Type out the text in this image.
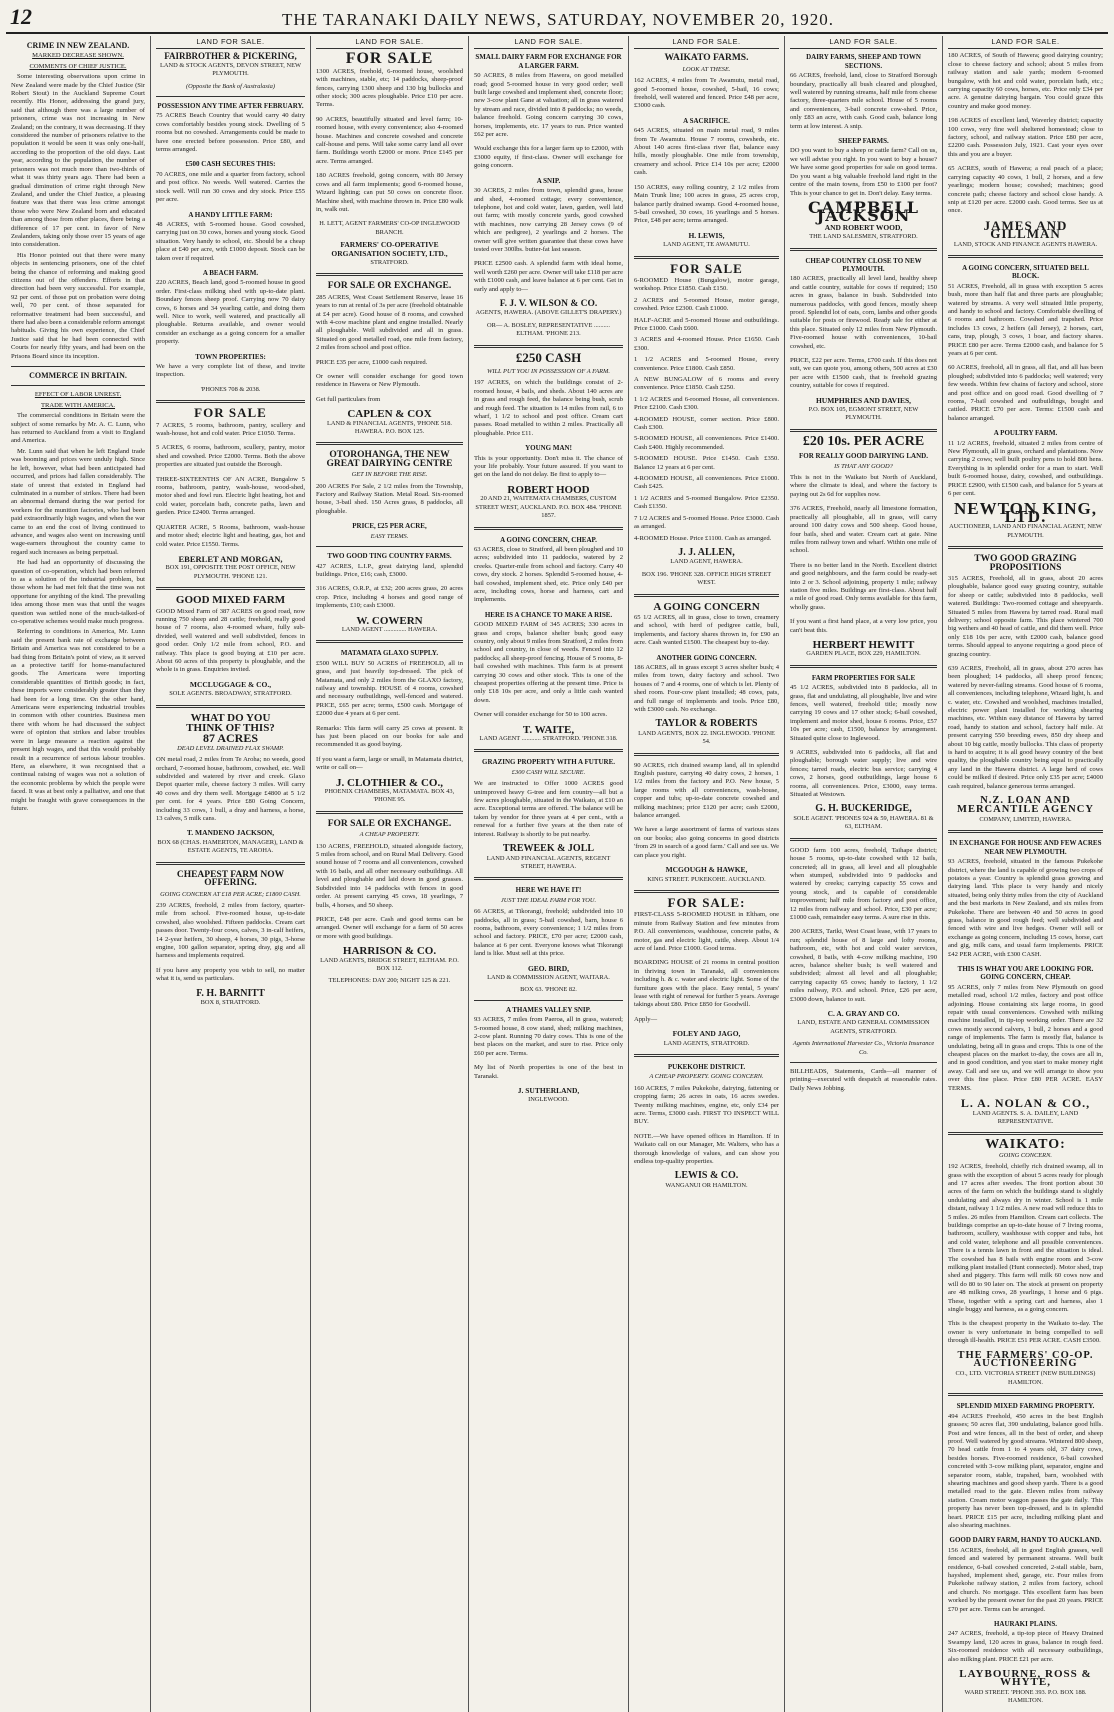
12	THE TARANAKI DAILY NEWS, SATURDAY, NOVEMBER 20, 1920.
CRIME IN NEW ZEALAND.
MARKED DECREASE SHOWN.
COMMENTS OF CHIEF JUSTICE.

Some interesting observations upon crime in New Zealand were made by the Chief Justice (Sir Robert Stout) in the Auckland Supreme Court recently. His Honor, addressing the grand jury, said that although there was a large number of prisoners, crime was not increasing in New Zealand; on the contrary, it was decreasing. If they considered the number of prisoners relative to the population it would be seen it was only one-half, according to the proportion of the old days. Last year, according to the population, the number of prisoners was not much more than two-thirds of what it was thirty years ago. There had been a gradual diminution of crime right through New Zealand, and under the Chief Justice, a pleasing feature was that there was less crime amongst those who were New Zealand born and educated than among those from other places, there being a difference of 17 per cent. in favor of New Zealanders, taking only those over 15 years of age into consideration.

His Honor pointed out that there were many objects in sentencing prisoners, one of the chief being the chance of reforming and making good citizens out of the offenders. Efforts in that direction had been very successful. For example, 92 per cent. of those put on probation were doing well, 70 per cent. of those separated for reformative treatment had been successful, and there had also been a considerable reform amongst habituals. Giving his own experience, the Chief Justice said that he had been connected with Courts for nearly fifty years, and had been on the Prisons Board since its inception.

COMMERCE IN BRITAIN.
EFFECT OF LABOR UNREST.
TRADE WITH AMERICA.

The commercial conditions in Britain were the subject of some remarks by Mr. A. C. Lunn, who has returned to Auckland from a visit to England and America.

Mr. Lunn said that when he left England trade was booming and prices were unduly high. Since he left, however, what had been anticipated had occurred, and prices had fallen considerably. The state of unrest that existed in England had culminated in a number of strikes. There had been an abnormal demand during the war period for workers for the munition factories, who had been paid extraordinarily high wages, and when the war came to an end the cost of living continued to advance, and wages also went on increasing until wage-earners throughout the country came to regard such increases as being perpetual.

He had had an opportunity of discussing the question of co-operation, which had been referred to as a solution of the industrial problem, but those whom he had met felt that the time was not opportune for anything of the kind. The prevailing idea among those men was that until the wages question was settled none of the much-talked-of co-operative schemes would make much progress.

Referring to conditions in America, Mr. Lunn said the present bank rate of exchange between Britain and America was not considered to be a bad thing from Britain's point of view, as it served as a protective tariff for home-manufactured goods. The Americans were importing considerable quantities of British goods; in fact, these imports were considerably greater than they had been for a long time. On the other hand, Americans were experiencing industrial troubles in common with other countries. Business men there with whom he had discussed the subject were of opinion that strikes and labor troubles were in large measure a reaction against the present high wages, and that this would probably result in a recurrence of serious labour troubles. Here, as elsewhere, it was recognised that a continual raising of wages was not a solution of the economic problems by which the people were faced. It was at best only a palliative, and one that might be fraught with grave consequences in the future.

LAND FOR SALE.
FAIRBROTHER & PICKERING,
LAND & STOCK AGENTS, DEVON STREET, NEW PLYMOUTH.
(Opposite the Bank of Australasia)
POSSESSION ANY TIME AFTER FEBRUARY.
75 ACRES Beach Country that would carry 40 dairy cows comfortably besides young stock. Dwelling of 5 rooms but no cowshed. Arrangements could be made to have one erected before possession. Price £80, and terms arranged.
£500 CASH SECURES THIS:
70 ACRES, one mile and a quarter from factory, school and post office. No weeds. Well watered. Carries the stock well. Will run 30 cows and dry stock. Price £55 per acre.
A HANDY LITTLE FARM:
48 ACRES, with 5-roomed house. Good cowshed, carrying just on 30 cows, horses and young stock. Good situation. Very handy to school, etc. Should be a cheap place at £40 per acre, with £1000 deposit. Stock can be taken over if required.
A BEACH FARM.
220 ACRES, Beach land, good 5-roomed house in good order. First-class milking shed with up-to-date plant. Boundary fences sheep proof. Carrying now 70 dairy cows, 6 horses and 34 yearling cattle, and doing them well. Nice to work, well watered, and practically all ploughable. Returns available, and owner would consider an exchange as a going concern for a smaller property.
TOWN PROPERTIES:
We have a very complete list of these, and invite inspection.
'PHONES 708 & 2038.
FOR SALE
7 ACRES, 5 rooms, bathroom, pantry, scullery and wash-house, hot and cold water. Price £1050. Terms.
5 ACRES, 6 rooms, bathroom, scullery, pantry, motor shed and cowshed. Price £2000. Terms. Both the above properties are situated just outside the Borough.
THREE-SIXTEENTHS OF AN ACRE, Bungalow 5 rooms, bathroom, pantry, wash-house, wood-shed, motor shed and fowl run. Electric light heating, hot and cold water, porcelain bath, concrete paths, lawn and garden. Price £2400. Terms arranged.
QUARTER ACRE, 5 Rooms, bathroom, wash-house and motor shed; electric light and heating, gas, hot and cold water. Price £1550. Terms.
EBERLET AND MORGAN,
BOX 191, OPPOSITE THE POST OFFICE, NEW PLYMOUTH. 'PHONE 121.
GOOD MIXED FARM
GOOD Mixed Farm of 387 ACRES on good road, now running 750 sheep and 28 cattle; freehold, really good house of 7 rooms, also 4-roomed whare, fully sub-divided, well watered and well subdivided, fences in good order. Only 1/2 mile from school, P.O. and railway. This place is good buying at £10 per acre. About 60 acres of this property is ploughable, and the whole is in grass. Enquiries invited.
MCCLUGGAGE & CO.,
SOLE AGENTS. BROADWAY, STRATFORD.
WHAT DO YOU
THINK OF THIS?
87 ACRES
DEAD LEVEL DRAINED FLAX SWAMP.
ON metal road, 2 miles from Te Aroha; no weeds, good orchard, 7-roomed house, bathroom, cowshed, etc. Well subdivided and watered by river and creek. Glaxo Depot quarter mile, cheese factory 3 miles. Will carry 40 cows and dry them well. Mortgage £4800 at 5 1/2 per cent. for 4 years. Price £80 Going Concern, including 33 cows, 1 bull, a dray and harness, a horse, 13 calves, 5 milk cans.
T. MANDENO JACKSON,
BOX 68 (CHAS. HAMERTON, MANAGER), LAND & ESTATE AGENTS, TE AROHA.
CHEAPEST FARM NOW OFFERING.
GOING CONCERN AT £18 PER ACRE; £1800 CASH.
239 ACRES, freehold, 2 miles from factory, quarter-mile from school. Five-roomed house, up-to-date cowshed, also woolshed. Fifteen paddocks. Cream cart passes door. Twenty-four cows, calves, 3 in-calf heifers, 14 2-year heifers, 30 sheep, 4 horses, 30 pigs, 3-horse engine, 100 gallon separator, spring dray, gig and all harness and implements required.
If you have any property you wish to sell, no matter what it is, send us particulars.
F. H. BARNITT
BOX 8, STRATFORD.
LAND FOR SALE.
FOR SALE
1300 ACRES, freehold, 6-roomed house, woolshed with machines, stable, etc; 14 paddocks, sheep-proof fences, carrying 1300 sheep and 130 big bullocks and other stock; 300 acres ploughable. Price £10 per acre. Terms.
90 ACRES, beautifully situated and level farm; 10-roomed house, with every convenience; also 4-roomed house. Machines and concrete cowshed and concrete calf-house and pens. Will take some carry land all over farm. Buildings worth £2000 or more. Price £145 per acre. Terms arranged.
180 ACRES freehold, going concern, with 80 Jersey cows and all farm implements; good 6-roomed house, Wizard lighting; can put 50 cows on concrete floor. Machine shed, with machine thrown in. Price £80 walk in, walk out.
H. LETT, AGENT FARMERS' CO-OP INGLEWOOD BRANCH.
FARMERS' CO-OPERATIVE ORGANISATION SOCIETY, LTD.,
STRATFORD.
FOR SALE OR EXCHANGE.
285 ACRES, West Coast Settlement Reserve, lease 16 years to run at rental of 3s per acre (freehold obtainable at £4 per acre). Good house of 8 rooms, and cowshed with 4-cow machine plant and engine installed. Nearly all ploughable. Well subdivided and all in grass. Situated on good metalled road, one mile from factory, 2 miles from school and post office.
PRICE £35 per acre, £1000 cash required.
Or owner will consider exchange for good town residence in Hawera or New Plymouth.
Get full particulars from
CAPLEN & COX
LAND & FINANCIAL AGENTS, 'PHONE 518. HAWERA. P.O. BOX 125.
OTOROHANGA, THE NEW GREAT DAIRYING CENTRE
GET IN BEFORE THE RISE.
200 ACRES For Sale, 2 1/2 miles from the Township, Factory and Railway Station. Metal Road. Six-roomed house, 3-bail shed. 150 Acres grass, 8 paddocks, all ploughable.
PRICE, £25 PER ACRE,
EASY TERMS.
TWO GOOD TING COUNTRY FARMS.
427 ACRES, L.I.P., great dairying land, splendid buildings. Price, £16; cash, £3000.
316 ACRES, O.R.P., at £32; 200 acres grass, 20 acres crop. Price, including 4 horses and good range of implements, £10; cash £3000.
W. COWERN
LAND AGENT .............. HAWERA.
MATAMATA GLAXO SUPPLY.
£500 WILL BUY 50 ACRES of FREEHOLD, all in grass, and just heavily top-dressed. The pick of Matamata, and only 2 miles from the GLAXO factory, railway and township. HOUSE of 4 rooms, cowshed and necessary outbuildings, well-fenced and watered. PRICE, £65 per acre; terms, £500 cash. Mortgage of £2000 due 4 years at 6 per cent.
Remarks: This farm will carry 25 cows at present. It has just been placed on our books for sale and recommended it as good buying.
If you want a farm, large or small, in Matamata district, write or call on—
J. CLOTHIER & CO.,
PHOENIX CHAMBERS, MATAMATA. BOX 43, 'PHONE 95.
FOR SALE OR EXCHANGE.
A CHEAP PROPERTY.
130 ACRES, FREEHOLD, situated alongside factory, 5 miles from school, and on Rural Mail Delivery. Good sound house of 7 rooms and all conveniences, cowshed with 16 bails, and all other necessary outbuildings. All level and ploughable and laid down in good grasses. Subdivided into 14 paddocks with fences in good order. At present carrying 45 cows, 18 yearlings, 7 bulls, 4 horses, and 50 sheep.
PRICE, £48 per acre. Cash and good terms can be arranged. Owner will exchange for a farm of 50 acres or more with good buildings.
HARRISON & CO.
LAND AGENTS, BRIDGE STREET, ELTHAM. P.O. BOX 112.
TELEPHONES: DAY 200; NIGHT 125 & 221.
LAND FOR SALE.
SMALL DAIRY FARM FOR EXCHANGE FOR A LARGER FARM.
50 ACRES, 8 miles from Hawera, on good metalled road; good 5-roomed house in very good order; well built large cowshed and implement shed, concrete floor; new 3-cow plant Gane at valuation; all in grass watered by stream and race, divided into 8 paddocks; no weeds, balance freehold. Going concern carrying 30 cows, horses, implements, etc. 17 years to run. Price wanted £62 per acre.
Would exchange this for a larger farm up to £2000, with £3000 equity, if first-class. Owner will exchange for going concern.
A SNIP.
30 ACRES, 2 miles from town, splendid grass, house and shed, 4-roomed cottage; every convenience, telephone, hot and cold water, lawn, garden, well laid out farm; with mostly concrete yards, good cowshed with machines, now carrying 28 Jersey cows (9 of which are pedigree), 2 yearlings and 2 horses. The owner will give written guarantee that these cows have tested over 300lbs. butter-fat last season.
PRICE £2500 cash. A splendid farm with ideal home, well worth £260 per acre. Owner will take £118 per acre with £1000 cash, and leave balance at 6 per cent. Get in early and apply to—
F. J. V. WILSON & CO.
AGENTS, HAWERA. (ABOVE GILLET'S DRAPERY.)
OR— A. BOSLEY, REPRESENTATIVE .......... ELTHAM. 'PHONE 213.
£250 CASH
WILL PUT YOU IN POSSESSION OF A FARM.
197 ACRES, on which the buildings consist of 2-roomed house, 4 bails, and sheds. About 140 acres are in grass and rough feed, the balance being bush, scrub and rough feed. The situation is 14 miles from rail, 6 to wharf, 1 1/2 to school and post office. Cream cart passes. Road metalled to within 2 miles. Practically all ploughable. Price £11.
YOUNG MAN!
This is your opportunity. Don't miss it. The chance of your life probably. Your future assured. If you want to get on the land do not delay. Be first to apply to—
ROBERT HOOD
20 AND 21, WAITEMATA CHAMBERS, CUSTOM STREET WEST, AUCKLAND. P.O. BOX 484. 'PHONE 1857.
A GOING CONCERN, CHEAP.
63 ACRES, close to Stratford, all been ploughed and 10 acres; subdivided into 11 paddocks, watered by 2 creeks. Quarter-mile from school and factory. Carry 40 cows, dry stock. 2 horses. Splendid 5-roomed house, 4-bail cowshed, implement shed, etc. Price only £40 per acre, including cows, horse and harness, cart and implements.
HERE IS A CHANCE TO MAKE A RISE.
GOOD MIXED FARM of 345 ACRES; 330 acres in grass and crops, balance shelter bush; good easy country, only about 9 miles from Stratford, 2 miles from school and country, in close of weeds. Fenced into 12 paddocks; all sheep-proof fencing. House of 5 rooms, 8-bail cowshed with machines. This farm is at present carrying 30 cows and other stock. This is one of the cheapest properties offering at the present time. Price is only £18 10s per acre, and only a little cash wanted down.
Owner will consider exchange for 50 to 100 acres.
T. WAITE,
LAND AGENT ............ STRATFORD. 'PHONE 318.
GRAZING PROPERTY WITH A FUTURE.
£300 CASH WILL SECURE.
We are instructed to Offer 1000 ACRES good unimproved heavy G-tree and fern country—all but a few acres ploughable, situated in the Waikato, at £10 an acre. Exceptional terms are offered. The balance will be taken by vendor for three years at 4 per cent., with a renewal for a further five years at the then rate of interest. Railway is shortly to be put nearby.
TREWEEK & JOLL
LAND AND FINANCIAL AGENTS, REGENT STREET, HAWERA.
HERE WE HAVE IT!
JUST THE IDEAL FARM FOR YOU.
66 ACRES, at Tikorangi, freehold; subdivided into 10 paddocks, all in grass; 5-bail cowshed, barn, house 6 rooms, bathroom, every convenience; 1 1/2 miles from school and factory. PRICE, £70 per acre; £2000 cash, balance at 6 per cent. Everyone knows what Tikorangi land is like. Must sell at this price.
GEO. BIRD,
LAND & COMMISSION AGENT, WAITARA.
BOX 63. 'PHONE 82.
A THAMES VALLEY SNIP.
93 ACRES, 7 miles from Paeroa, all in grass, watered; 5-roomed house, 8 cow stand, shed; milking machines, 2-cow plant. Running 70 dairy cows. This is one of the best places on the market, and sure to rise. Price only £60 per acre. Terms.
My list of North properties is one of the best in Taranaki.
J. SUTHERLAND,
INGLEWOOD.
LAND FOR SALE.
WAIKATO FARMS.
LOOK AT THESE.
162 ACRES, 4 miles from Te Awamutu, metal road, good 5-roomed house, cowshed, 5-bail, 16 cows; freehold, well watered and fenced. Price £48 per acre, £3000 cash.
A SACRIFICE.
645 ACRES, situated on main metal road, 9 miles from Te Awamutu. House 7 rooms, cowsheds, etc. About 140 acres first-class river flat, balance easy hills, mostly ploughable. One mile from township, creamery and school. Price £14 10s per acre; £2000 cash.
150 ACRES, easy rolling country, 2 1/2 miles from Main Trunk line; 100 acres in grass, 25 acres crop, balance partly drained swamp. Good 4-roomed house, 5-bail cowshed, 30 cows, 16 yearlings and 5 horses. Price, £48 per acre; terms arranged.
H. LEWIS,
LAND AGENT, TE AWAMUTU.
FOR SALE

6-ROOMED House (Bungalow), motor garage, workshop. Price £1850. Cash £150.

2 ACRES and 5-roomed House, motor garage, cowshed. Price £2300. Cash £1000.

HALF-ACRE and 5-roomed House and outbuildings. Price £1000. Cash £600.

3 ACRES and 4-roomed House. Price £1650. Cash £300.

1 1/2 ACRES and 5-roomed House, every convenience. Price £1800. Cash £850.

A NEW BUNGALOW of 6 rooms and every convenience. Price £1850. Cash £250.

1 1/2 ACRES and 6-roomed House, all conveniences. Price £2100. Cash £300.

4-ROOMED HOUSE, corner section. Price £800. Cash £300.

5-ROOMED HOUSE, all conveniences. Price £1400. Cash £400. Highly recommended.

5-ROOMED HOUSE. Price £1450. Cash £350. Balance 12 years at 6 per cent.

4-ROOMED HOUSE, all conveniences. Price £1000. Cash £425.

1 1/2 ACRES and 5-roomed Bungalow. Price £2350. Cash £1350.

7 1/2 ACRES and 5-roomed House. Price £3000. Cash as arranged.

4-ROOMED House. Price £1100. Cash as arranged.

J. J. ALLEN,
LAND AGENT, HAWERA.
BOX 196. 'PHONE 328. OFFICE HIGH STREET WEST.
A GOING CONCERN
65 1/2 ACRES, all in grass, close to town, creamery and school, with herd of pedigree cattle, bull, implements, and factory shares thrown in, for £90 an acre. Cash wanted £1500. The cheapest buy to-day.
ANOTHER GOING CONCERN.
186 ACRES, all in grass except 3 acres shelter bush; 4 miles from town, dairy factory and school. Two houses of 7 and 4 rooms, one of which is let. Plenty of shed room. Four-cow plant installed; 48 cows, pats, and full range of implements and tools. Price £80, with £3000 cash. No exchange.
TAYLOR & ROBERTS
LAND AGENTS, BOX 22. INGLEWOOD. 'PHONE 54.
90 ACRES, rich drained swamp land, all in splendid English pasture, carrying 40 dairy cows, 2 horses, 1 1/2 miles from the factory and P.O. New house, 5 large rooms with all conveniences, wash-house, copper and tubs; up-to-date concrete cowshed and milking machines; price £120 per acre; cash £2000, balance arranged.
We have a large assortment of farms of various sizes on our books; also going concerns in good districts 'from 29 in search of a good farm.' Call and see us. We can place you right.
MCGOUGH & HAWKE,
KING STREET. PUKEKOHE. AUCKLAND.
FOR SALE:
FIRST-CLASS 5-ROOMED HOUSE in Eltham, one minute from Railway Station and few minutes from P.O. All conveniences, washhouse, concrete paths, & motor, gas and electric light, cattle, sheep. About 1/4 acre of land. Price £1000. Good terms.
BOARDING HOUSE of 21 rooms in central position in thriving town in Taranaki, all conveniences including h. & c. water and electric light. Some of the furniture goes with the place. Easy rental, 5 years' lease with right of renewal for further 5 years. Average takings about £80. Price £850 for Goodwill.
Apply—
FOLEY AND JAGO,
LAND AGENTS, STRATFORD.
PUKEKOHE DISTRICT.
A CHEAP PROPERTY. GOING CONCERN.
160 ACRES, 7 miles Pukekohe, dairying, fattening or cropping farm; 26 acres in oats, 16 acres swedes. Twenty milking machines, engine, etc, only £34 per acre. Terms, £3000 cash. FIRST TO INSPECT WILL BUY.
NOTE.—We have opened offices in Hamilton. If in Waikato call on our Manager, Mr. Walters, who has a thorough knowledge of values, and can show you endless top-quality properties.
LEWIS & CO.
WANGANUI OR HAMILTON.
LAND FOR SALE.
DAIRY FARMS, SHEEP AND TOWN SECTIONS.
66 ACRES, freehold, land, close to Stratford Borough boundary, practically all bush cleared and ploughed, well watered by running streams, half mile from cheese factory, three-quarters mile school. House of 5 rooms and conveniences, 3-bail concrete cow-shed. Price, only £83 an acre, with cash. Good cash, balance long term at low interest. A snip.
SHEEP FARMS.
DO you want to buy a sheep or cattle farm? Call on us, we will advise you right. In you want to buy a house? We have some good properties for sale on good terms. Do you want a big valuable freehold land right in the centre of the main towns, from £50 to £100 per foot? This is your chance to get in. Don't delay. Easy terms.
CAMPBELL JACKSON
AND ROBERT WOOD,
THE LAND SALESMEN, STRATFORD.
CHEAP COUNTRY CLOSE TO NEW PLYMOUTH.
180 ACRES, practically all level land, healthy sheep and cattle country, suitable for cows if required; 150 acres in grass, balance in bush. Subdivided into numerous paddocks, with good fences, mostly sheep proof. Splendid lot of oats, corn, lambs and other goods suitable for posts or firewood. Ready sale for either at this place. Situated only 12 miles from New Plymouth. Five-roomed house with conveniences, 10-bail cowshed, etc.
PRICE, £22 per acre. Terms, £700 cash. If this does not suit, we can quote you, among others, 500 acres at £30 per acre with £1500 cash, that is freehold grazing country, suitable for cows if required.
HUMPHRIES AND DAVIES,
P.O. BOX 105, EGMONT STREET, NEW PLYMOUTH.
£20 10s. PER ACRE
FOR REALLY GOOD DAIRYING LAND.
IS THAT ANY GOOD?
This is not in the Waikato but North of Auckland, where the climate is ideal, and where the factory is paying out 2s 6d for supplies now.
376 ACRES, Freehold, nearly all limestone formation, practically all ploughable, all in grass, will carry around 100 dairy cows and 500 sheep. Good house, four bails, shed and water. Cream cart at gate. Nine miles from railway town and wharf. Within one mile of school.
There is no better land in the North. Excellent district and good neighbours, and the farm could be ready-set into 2 or 3. School adjoining, property 1 mile; railway station five miles. Buildings are first-class. About half a mile of good road. Only terms available for this farm, wholly grass.
If you want a first hand place, at a very low price, you can't beat this.
HERBERT HEWITT
GARDEN PLACE, BOX 229, HAMILTON.
FARM PROPERTIES FOR SALE
45 1/2 ACRES, subdivided into 8 paddocks, all in grass, flat and undulating, all ploughable, live and wire fences, well watered, freehold title; mostly now carrying 19 cows and 17 other stock; 6-bail cowshed, implement and motor shed, house 6 rooms. Price, £57 10s per acre; cash, £1500, balance by arrangement. Situated quite close to Inglewood.
9 ACRES, subdivided into 6 paddocks, all flat and ploughable; borough water supply; live and wire fences; tarred roads, electric bus service; carrying 4 cows, 2 horses, good outbuildings, large house 6 rooms, all conveniences. Price, £3000, easy terms. Situated at Westown.
G. H. BUCKERIDGE,
SOLE AGENT. 'PHONES 924 & 59, HAWERA. 81 & 63, ELTHAM.
GOOD farm 100 acres, freehold, Taihape district; house 5 rooms, up-to-date cowshed with 12 bails, concreted; all in grass, all level and all ploughable when stumped, subdivided into 9 paddocks and watered by creeks; carrying capacity 55 cows and young stock, and is capable of considerable improvement; half mile from factory and post office, 12 miles from railway and school. Price, £30 per acre; £1000 cash, remainder easy terms. A sure rise in this.
200 ACRES, Tariki, West Coast lease, with 17 years to run; splendid house of 8 large and lofty rooms, bathroom, etc, with hot and cold water services, cowshed, 8 bails, with 4-cow milking machine, 190 acres, balance shelter bush; is well watered and subdivided; almost all level and all ploughable; carrying capacity 65 cows; handy to factory, 1 1/2 miles railway, P.O. and school. Price, £26 per acre, £3000 down, balance to suit.
C. A. GRAY AND CO.
LAND, ESTATE AND GENERAL COMMISSION AGENTS, STRATFORD.
Agents International Harvester Co., Victoria Insurance Co.
BILLHEADS, Statements, Cards—all manner of printing—executed with despatch at reasonable rates. Daily News Jobbing.
LAND FOR SALE.
180 ACRES, of South of Hawera; good dairying country; close to cheese factory and school; about 5 miles from railway station and sale yards; modern 6-roomed bungalow, with hot and cold water, porcelain bath, etc.; carrying capacity 60 cows, horses, etc. Price only £34 per acre. A genuine dairying bargain. You could graze this country and make good money.
198 ACRES of excellent land, Waverley district; capacity 100 cows, very fine well sheltered homestead; close to factory, school, and railway station. Price £80 per acre, £2200 cash. Possession July, 1921. Cast your eyes over this and you are a buyer.
65 ACRES, south of Hawera; a real peach of a place; carrying capacity 40 cows, 1 bull, 2 horses, and a few yearlings; modern house; cowshed; machines; good concrete path; cheese factory and school close handy. A snip at £120 per acre. £2000 cash. Good terms. See us at once.
JAMES AND GILLMAN
LAND, STOCK AND FINANCE AGENTS HAWERA.
A GOING CONCERN, SITUATED BELL BLOCK.
51 ACRES, Freehold, all in grass with exception 5 acres bush, more than half flat and three parts are ploughable; watered by streams. A very well situated little property, and handy to school and factory. Comfortable dwelling of 6 rooms and bathroom. Cowshed and trapshed. Price includes 13 cows, 2 heifers (all Jersey), 2 horses, cart, cans, trap, plough, 3 cows, 1 boar, and factory shares. PRICE £80 per acre. Terms £2000 cash, and balance for 5 years at 6 per cent.
60 ACRES, freehold, all in grass, all flat, and all has been ploughed; subdivided into 6 paddocks; well watered; very few weeds. Within few chains of factory and school, store and post office and on good road. Good dwelling of 7 rooms, 7-bail cowshed and outbuildings, bought and cattled. PRICE £70 per acre. Terms: £1500 cash and balance arranged.
A POULTRY FARM.
11 1/2 ACRES, freehold, situated 2 miles from centre of New Plymouth, all in grass, orchard and plantations. Now carrying 2 cows; well built poultry pens to hold 800 hens. Everything is in splendid order for a man to start. Well built 6-roomed house, dairy, cowshed, and outbuildings. PRICE £2900, with £1500 cash, and balance for 5 years at 6 per cent.
NEWTON KING, LTD.
AUCTIONEER, LAND AND FINANCIAL AGENT, NEW PLYMOUTH.
TWO GOOD GRAZING PROPOSITIONS
315 ACRES, Freehold, all in grass, about 20 acres ploughable, balance good easy grazing country, suitable for sheep or cattle; subdivided into 8 paddocks, well watered. Buildings: Two-roomed cottage and sheepyards. Situated 5 miles from Hawera by tarred road. Rural mail delivery; school opposite farm. This place wintered 700 big wethers and 40 head of cattle, and did them well. Price only £18 10s per acre, with £2000 cash, balance good terms. Should appeal to anyone requiring a good piece of grazing country.
639 ACRES, Freehold, all in grass, about 270 acres has been ploughed; 14 paddocks, all sheep proof fences; watered by never-failing streams. Good house of 6 rooms, all conveniences, including telephone, Wizard light, h. and c. water, etc. Cowshed and woolshed, machines installed, electric power plant installed for working shearing machines, etc. Within easy distance of Hawera by tarred road, handy to station and school, factory half mile. At present carrying 550 breeding ewes, 850 dry sheep and about 10 big cattle, mostly bullocks. This class of property is hard to acquire; it is all good heavy country of the best quality, the ploughable country being equal to practically any land in the Hawera district. A large herd of cows could be milked if desired. Price only £35 per acre; £4000 cash required, balance generous terms arranged.
N.Z. LOAN AND MERCANTILE AGENCY
COMPANY, LIMITED, HAWERA.
IN EXCHANGE FOR HOUSE AND FEW ACRES NEAR NEW PLYMOUTH.
93 ACRES, freehold, situated in the famous Pukekohe district, where the land is capable of growing two crops of potatoes a year. Country is splendid grass growing and dairying land. This place is very handy and nicely situated, being only thirty miles from the city of Auckland and the best markets in New Zealand, and six miles from Pukekohe. There are between 40 and 50 acres in good grass, balance in good rough feed; well subdivided and fenced with wire and live hedges. Owner will sell or exchange as going concern, including 15 cows, horse, cart and gig, milk cans, and usual farm implements. PRICE £42 PER ACRE, with £300 CASH.
THIS IS WHAT YOU ARE LOOKING FOR. GOING CONCERN, CHEAP.
95 ACRES, only 7 miles from New Plymouth on good metalled road, school 1/2 miles, factory and post office adjoining. House containing six large rooms, in good repair with usual conveniences. Cowshed with milking machine installed, in tip-top working order. There are 32 cows mostly second calvers, 1 bull, 2 horses and a good range of implements. The farm is mostly flat, balance is undulating, being all in grass and crops. This is one of the cheapest places on the market to-day, the cows are all in, and in good condition, and you start to make money right away. Call and see us, and we will arrange to show you over this fine place. Price £80 PER ACRE. EASY TERMS.
L. A. NOLAN & CO.,
LAND AGENTS. S. A. DAILEY, LAND REPRESENTATIVE.
WAIKATO:
GOING CONCERN.
192 ACRES, freehold, chiefly rich drained swamp, all in grass with the exception of about 5 acres ready for plough and 17 acres after swedes. The front portion about 30 acres of the farm on which the buildings stand is slightly undulating and always dry in winter. School is 1 mile distant, railway 1 1/2 miles. A new road will reduce this to 5 miles. 26 miles from Hamilton. Cream cart collects. The buildings comprise an up-to-date house of 7 living rooms, bathroom, scullery, washhouse with copper and tubs, hot and cold water, telephone and all possible conveniences. There is a tennis lawn in front and the situation is ideal. The cowshed has 8 bails with engine room and 3-cow milking plant installed (Hunt connected). Motor shed, trap shed and piggery. This farm will milk 60 cows now and will do 80 to 90 later on. The stock at present on property are 48 milking cows, 28 yearlings, 1 horse and 6 pigs. These, together with a spring cart and harness, also 1 single buggy and harness, as a going concern.
This is the cheapest property in the Waikato to-day. The owner is very unfortunate in being compelled to sell through ill-health. PRICE £51 PER ACRE. CASH £3500.
THE FARMERS' CO-OP. AUCTIONEERING
CO., LTD. VICTORIA STREET (NEW BUILDINGS) HAMILTON.
SPLENDID MIXED FARMING PROPERTY.
494 ACRES Freehold, 450 acres in the best English grasses; 50 acres flat, 390 undulating, balance good hills. Post and wire fences, all in the best of order, and sheep proof. Well watered by good streams. Wintered 800 sheep, 70 head cattle from 1 to 4 years old, 37 dairy cows, besides horses. Five-roomed residence, 6-bail cowshed concreted with 3-cow milking plant, separator, engine and separator room, stable, trapshed, barn, woolshed with shearing machines and good sheep yards. There is a good metalled road to the gate. Eleven miles from railway station. Cream motor waggon passes the gate daily. This property has never been top-dressed, and is in splendid heart. PRICE £15 per acre, including milking plant and also shearing machines.
GOOD DAIRY FARM, HANDY TO AUCKLAND.
156 ACRES, freehold, all in good English grasses, well fenced and watered by permanent streams. Well built residence, 6-bail cowshed concreted, 2-stall stable, barn, hayshed, implement shed, garage, etc. Four miles from Pukekohe railway station, 2 miles from factory, school and church. No mortgage. This excellent farm has been worked by the present owner for the past 20 years. PRICE £70 per acre. Terms can be arranged.
HAURAKI PLAINS.
247 ACRES, freehold, a tip-top piece of Heavy Drained Swampy land, 120 acres in grass, balance in rough feed. Six-roomed residence with all necessary outbuildings, also milking plant. PRICE £21 per acre.
LAYBOURNE, ROSS & WHYTE,
WARD STREET. 'PHONE 393. P.O. BOX 188. HAMILTON.
